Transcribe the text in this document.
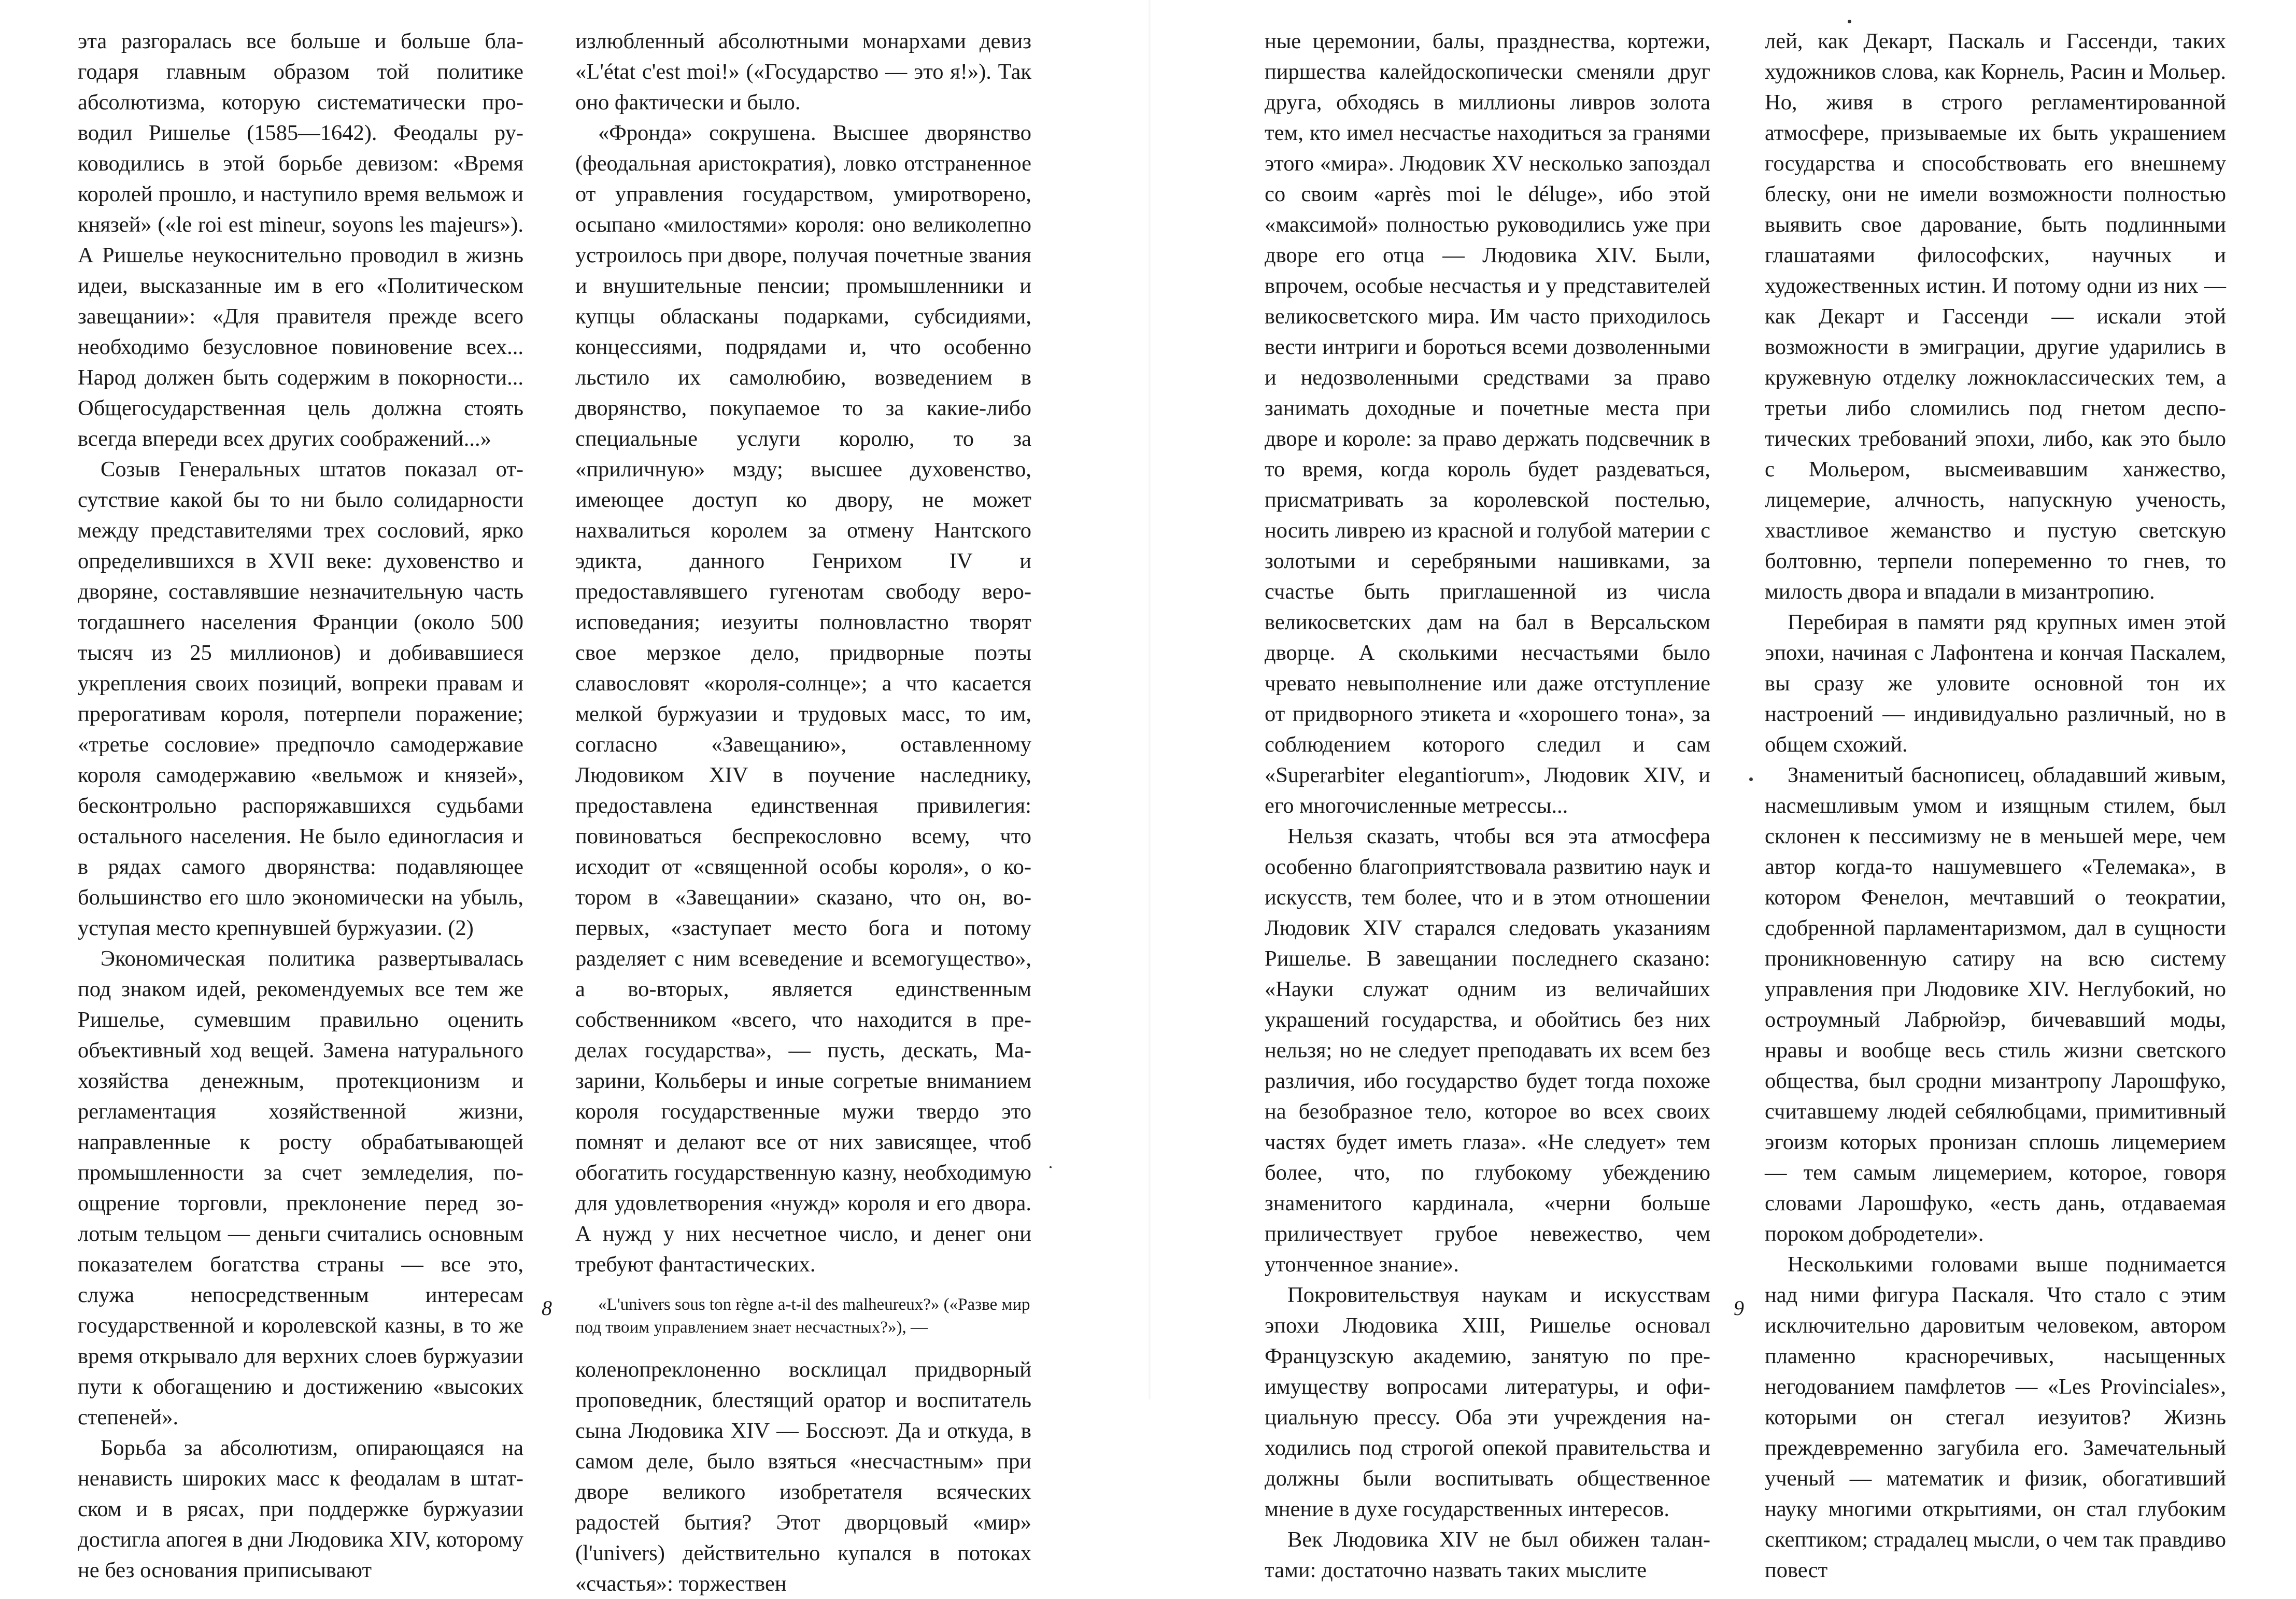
эта разгоралась все больше и больше благодаря главным образом той политике абсолютизма, которую систематически проводил Ришелье (1585—1642). Феодалы руководились в этой борьбе девизом: «Время королей прошло, и наступило время вельмож и князей» («le roi est mineur, soyons les majeurs»). А Ришелье неукоснительно проводил в жизнь идеи, высказанные им в его «Политическом завещании»: «Для правителя прежде всего необходимо безусловное повиновение всех... Народ должен быть содержим в покорности... Общегосударственная цель должна стоять всегда впереди всех других соображений...»

Созыв Генеральных штатов показал отсутствие какой бы то ни было солидарности между представителями трех сословий, ярко определившихся в XVII веке: духовенство и дворяне, составлявшие незначительную часть тогдашнего населения Франции (около 500 тысяч из 25 миллионов) и добивавшиеся укрепления своих позиций, вопреки правам и прерогативам короля, потерпели поражение; «третье сословие» предпочло самодержавие короля самодержавию «вельмож и князей», бесконтрольно распоряжавшихся судьбами остального населения. Не было единогласия и в рядах самого дворянства: подавляющее большинство его шло экономически на убыль, уступая место крепнувшей буржуазии. (2)

Экономическая политика развертывалась под знаком идей, рекомендуемых все тем же Ришелье, сумевшим правильно оценить объективный ход вещей. Замена натурального хозяйства денежным, протекционизм и регламентация хозяйственной жизни, направленные к росту обрабатывающей промышленности за счет земледелия, поощрение торговли, преклонение перед золотым тельцом — деньги считались основным показателем богатства страны — все это, служа непосредственным интересам государственной и королевской казны, в то же время открывало для верхних слоев буржуазии пути к обогащению и достижению «высоких степеней».

Борьба за абсолютизм, опирающаяся на ненависть широких масс к феодалам в штатском и в рясах, при поддержке буржуазии достигла апогея в дни Людовика XIV, которому не без основания приписывают

излюбленный абсолютными монархами девиз «L'état c'est moi!» («Государство — это я!»). Так оно фактически и было.

«Фронда» сокрушена. Высшее дворянство (феодальная аристократия), ловко отстраненное от управления государством, умиротворено, осыпано «милостями» короля: оно великолепно устроилось при дворе, получая почетные звания и внушительные пенсии; промышленники и купцы обласканы подарками, субсидиями, концессиями, подрядами и, что особенно льстило их самолюбию, возведением в дворянство, покупаемое то за какие-либо специальные услуги королю, то за «приличную» мзду; высшее духовенство, имеющее доступ ко двору, не может нахвалиться королем за отмену Нантского эдикта, данного Генрихом IV и предоставлявшего гугенотам свободу вероисповедания; иезуиты полновластно творят свое мерзкое дело, придворные поэты славословят «короля-солнце»; а что касается мелкой буржуазии и трудовых масс, то им, согласно «Завещанию», оставленному Людовиком XIV в поучение наследнику, предоставлена единственная привилегия: повиноваться беспрекословно всему, что исходит от «священной особы короля», о котором в «Завещании» сказано, что он, во-первых, «заступает место бога и потому разделяет с ним всеведение и всемогущество», а во-вторых, является единственным собственником «всего, что находится в пределах государства», — пусть, дескать, Мазарини, Кольберы и иные согретые вниманием короля государственные мужи твердо это помнят и делают все от них зависящее, чтоб обогатить государственную казну, необходимую для удовлетворения «нужд» короля и его двора. А нужд у них несчетное число, и денег они требуют фантастических.

«L'univers sous ton règne a-t-il des malheureux?» («Разве мир под твоим управлением знает несчастных?»), —

коленопреклоненно восклицал придворный проповедник, блестящий оратор и воспитатель сына Людовика XIV — Боссюэт. Да и откуда, в самом деле, было взяться «несчастным» при дворе великого изобретателя всяческих радостей бытия? Этот дворцовый «мир» (l'univers) действительно купался в потоках «счастья»: торжествен

8

ные церемонии, балы, празднества, кортежи, пиршества калейдоскопически сменяли друг друга, обходясь в миллионы ливров золота тем, кто имел несчастье находиться за гранями этого «мира». Людовик XV несколько запоздал со своим «après moi le déluge», ибо этой «максимой» полностью руководились уже при дворе его отца — Людовика XIV. Были, впрочем, особые несчастья и у представителей великосветского мира. Им часто приходилось вести интриги и бороться всеми дозволенными и недозволенными средствами за право занимать доходные и почетные места при дворе и короле: за право держать подсвечник в то время, когда король будет раздеваться, присматривать за королевской постелью, носить ливрею из красной и голубой материи с золотыми и серебряными нашивками, за счастье быть приглашенной из числа великосветских дам на бал в Версальском дворце. А сколькими несчастьями было чревато невыполнение или даже отступление от придворного этикета и «хорошего тона», за соблюдением которого следил и сам «Superarbiter elegantiorum», Людовик XIV, и его многочисленные метрессы...

Нельзя сказать, чтобы вся эта атмосфера особенно благоприятствовала развитию наук и искусств, тем более, что и в этом отношении Людовик XIV старался следовать указаниям Ришелье. В завещании последнего сказано: «Науки служат одним из величайших украшений государства, и обойтись без них нельзя; но не следует преподавать их всем без различия, ибо государство будет тогда похоже на безобразное тело, которое во всех своих частях будет иметь глаза». «Не следует» тем более, что, по глубокому убеждению знаменитого кардинала, «черни больше приличествует грубое невежество, чем утонченное знание».

Покровительствуя наукам и искусствам эпохи Людовика XIII, Ришелье основал Французскую академию, занятую по преимуществу вопросами литературы, и официальную прессу. Оба эти учреждения находились под строгой опекой правительства и должны были воспитывать общественное мнение в духе государственных интересов.

Век Людовика XIV не был обижен талантами: достаточно назвать таких мыслите

лей, как Декарт, Паскаль и Гассенди, таких художников слова, как Корнель, Расин и Мольер. Но, живя в строго регламентированной атмосфере, призываемые их быть украшением государства и способствовать его внешнему блеску, они не имели возможности полностью выявить свое дарование, быть подлинными глашатаями философских, научных и художественных истин. И потому одни из них — как Декарт и Гассенди — искали этой возможности в эмиграции, другие ударились в кружевную отделку ложноклассических тем, а третьи либо сломились под гнетом деспотических требований эпохи, либо, как это было с Мольером, высмеивавшим ханжество, лицемерие, алчность, напускную ученость, хвастливое жеманство и пустую светскую болтовню, терпели попеременно то гнев, то милость двора и впадали в мизантропию.

Перебирая в памяти ряд крупных имен этой эпохи, начиная с Лафонтена и кончая Паскалем, вы сразу же уловите основной тон их настроений — индивидуально различный, но в общем схожий.

Знаменитый баснописец, обладавший живым, насмешливым умом и изящным стилем, был склонен к пессимизму не в меньшей мере, чем автор когда-то нашумевшего «Телемака», в котором Фенелон, мечтавший о теократии, сдобренной парламентаризмом, дал в сущности проникновенную сатиру на всю систему управления при Людовике XIV. Неглубокий, но остроумный Лабрюйэр, бичевавший моды, нравы и вообще весь стиль жизни светского общества, был сродни мизантропу Ларошфуко, считавшему людей себялюбцами, примитивный эгоизм которых пронизан сплошь лицемерием — тем самым лицемерием, которое, говоря словами Ларошфуко, «есть дань, отдаваемая пороком добродетели».

Несколькими головами выше поднимается над ними фигура Паскаля. Что стало с этим исключительно даровитым человеком, автором пламенно красноречивых, насыщенных негодованием памфлетов — «Les Provinciales», которыми он стегал иезуитов? Жизнь преждевременно загубила его. Замечательный ученый — математик и физик, обогативший науку многими открытиями, он стал глубоким скептиком; страдалец мысли, о чем так правдиво повест

9
